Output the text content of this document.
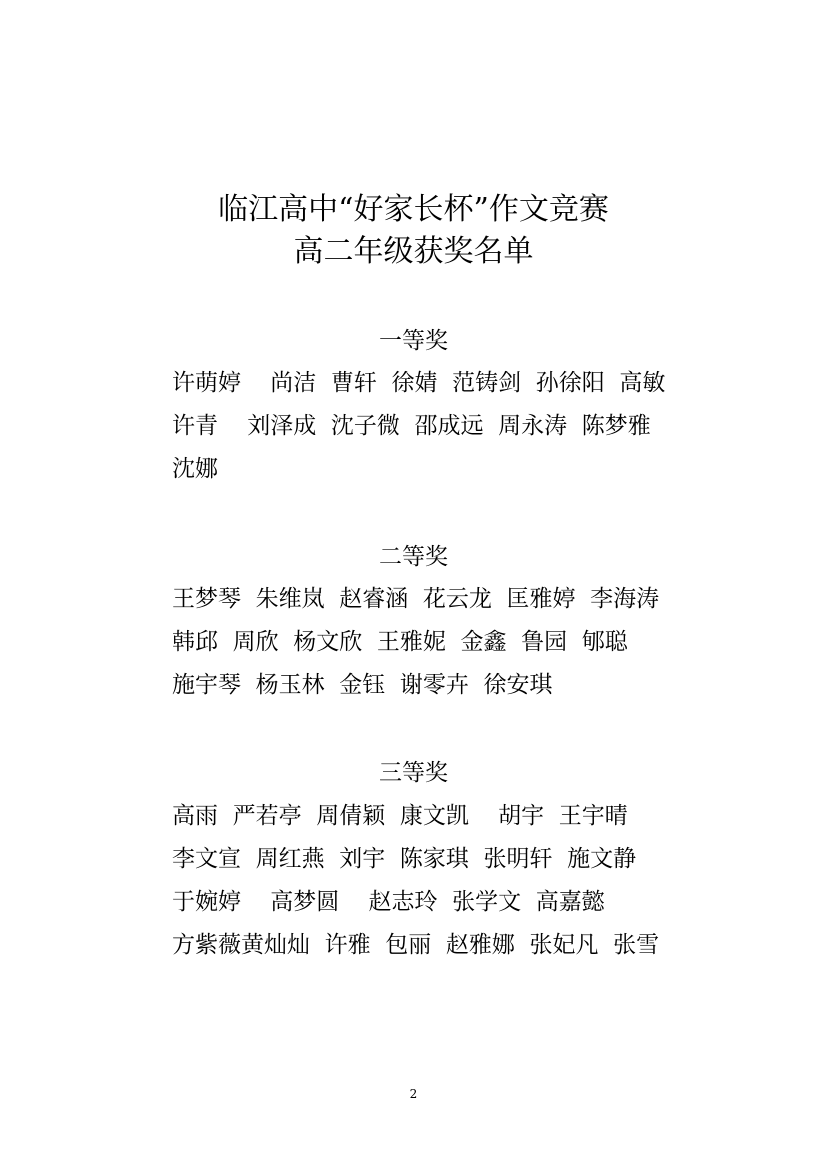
临江高中“好家长杯”作文竞赛
高二年级获奖名单
一等奖
许萌婷    尚洁  曹轩  徐婧  范铸剑  孙徐阳  高敏
许青    刘泽成  沈子微  邵成远  周永涛  陈梦雅
沈娜
二等奖
王梦琴  朱维岚  赵睿涵  花云龙  匡雅婷  李海涛
韩邱  周欣  杨文欣  王雅妮  金鑫  鲁园  郇聪
施宇琴  杨玉林  金钰  谢零卉  徐安琪
三等奖
高雨  严若亭  周倩颖  康文凯    胡宇  王宇晴
李文宣  周红燕  刘宇  陈家琪  张明轩  施文静
于婉婷    高梦圆    赵志玲  张学文  高嘉懿
方紫薇黄灿灿  许雅  包丽  赵雅娜  张妃凡  张雪
2
